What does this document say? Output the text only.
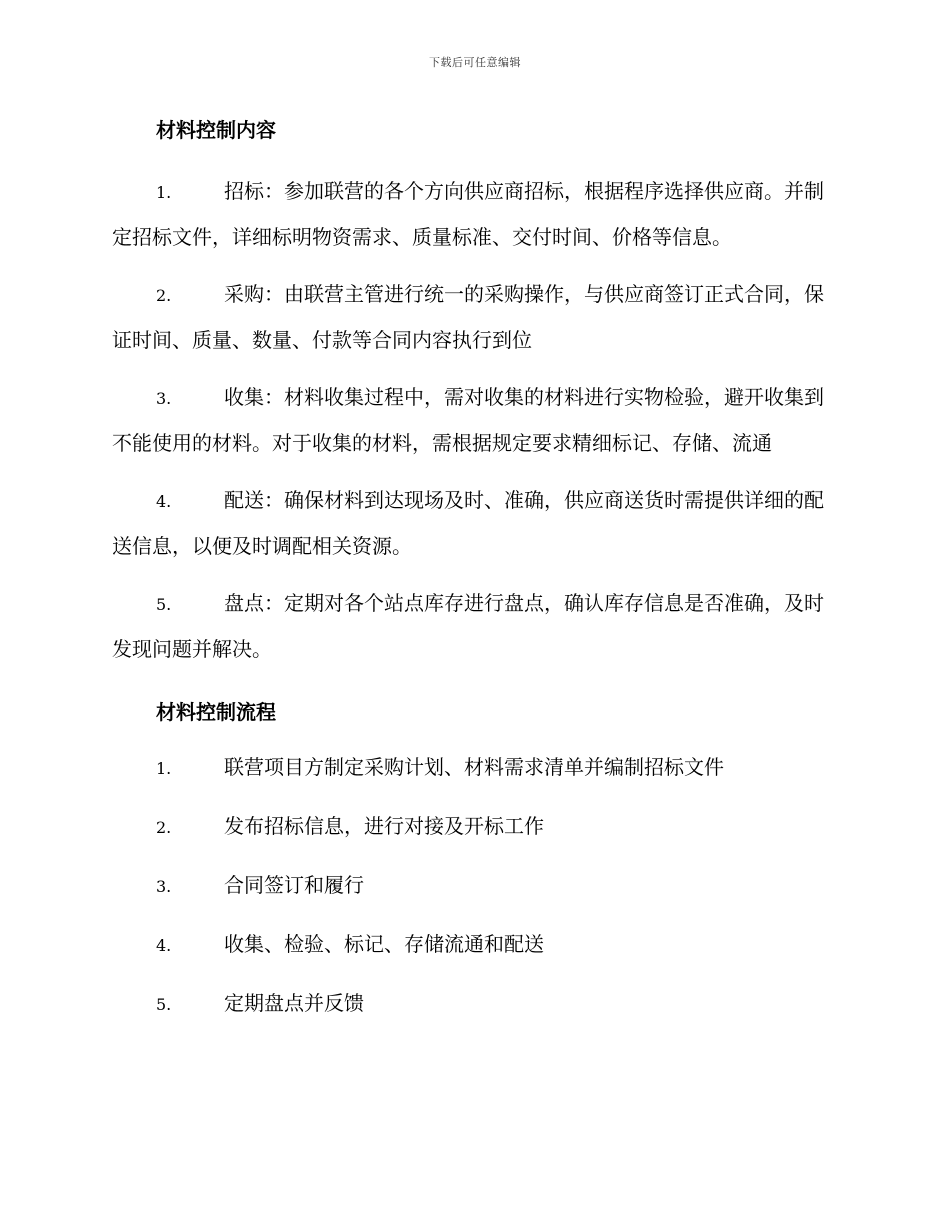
下载后可任意编辑
材料控制内容
1.	招标：参加联营的各个方向供应商招标，根据程序选择供应商。并制定招标文件，详细标明物资需求、质量标准、交付时间、价格等信息。
2.	采购：由联营主管进行统一的采购操作，与供应商签订正式合同，保证时间、质量、数量、付款等合同内容执行到位
3.	收集：材料收集过程中，需对收集的材料进行实物检验，避开收集到不能使用的材料。对于收集的材料，需根据规定要求精细标记、存储、流通
4.	配送：确保材料到达现场及时、准确，供应商送货时需提供详细的配送信息，以便及时调配相关资源。
5.	盘点：定期对各个站点库存进行盘点，确认库存信息是否准确，及时发现问题并解决。
材料控制流程
1.	联营项目方制定采购计划、材料需求清单并编制招标文件
2.	发布招标信息，进行对接及开标工作
3.	合同签订和履行
4.	收集、检验、标记、存储流通和配送
5.	定期盘点并反馈
